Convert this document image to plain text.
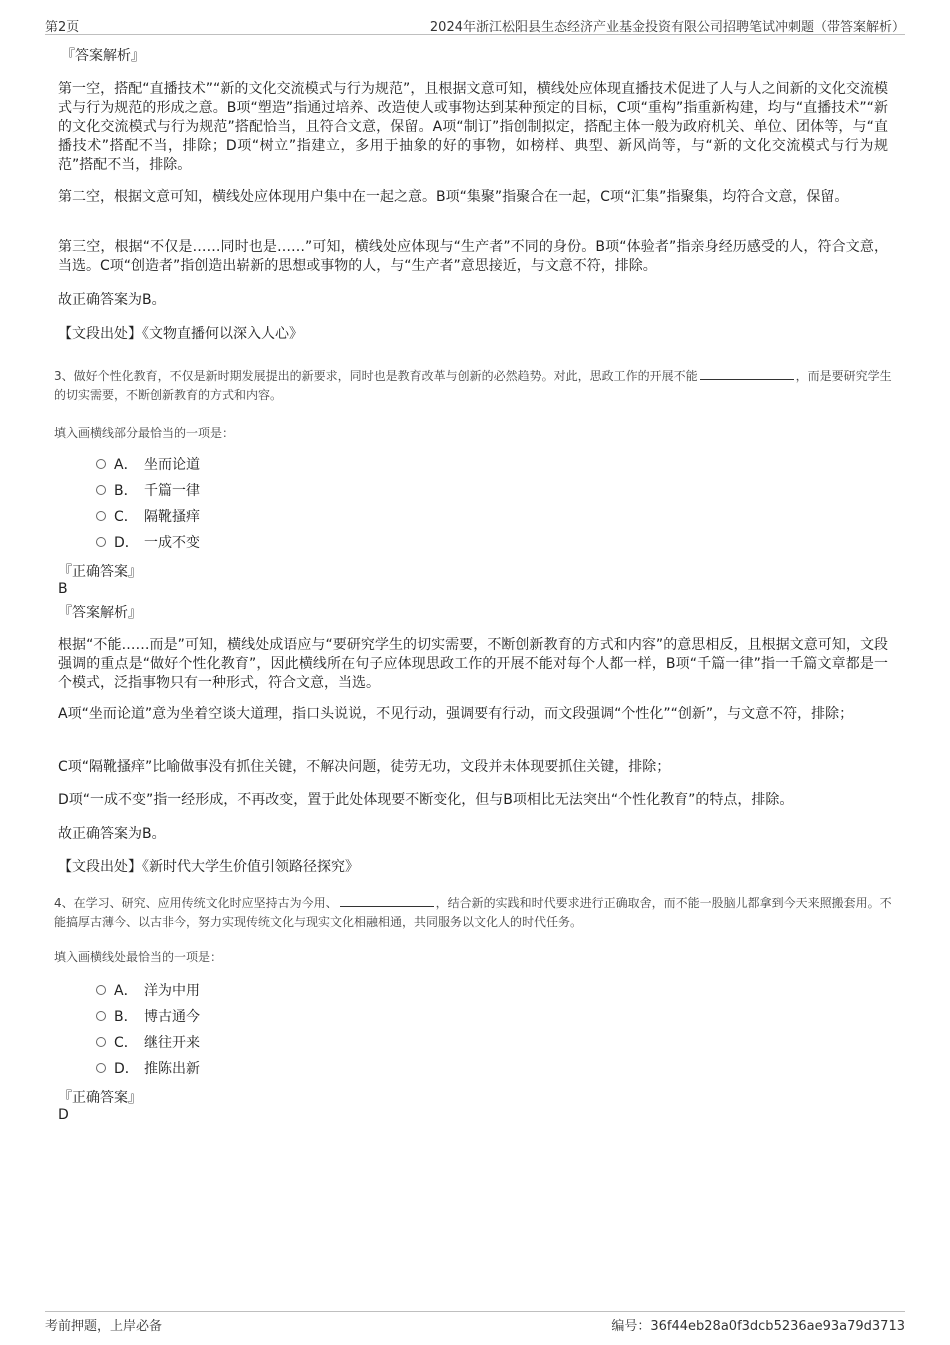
第2页	2024年浙江松阳县生态经济产业基金投资有限公司招聘笔试冲刺题（带答案解析）
『答案解析』

第一空，搭配“直播技术”“新的文化交流模式与行为规范”，且根据文意可知，横线处应体现直播技术促进了人与人之间新的文化交流模式与行为规范的形成之意。B项“塑造”指通过培养、改造使人或事物达到某种预定的目标，C项“重构”指重新构建，均与“直播技术”“新的文化交流模式与行为规范”搭配恰当，且符合文意，保留。A项“制订”指创制拟定，搭配主体一般为政府机关、单位、团体等，与“直播技术”搭配不当，排除；D项“树立”指建立，多用于抽象的好的事物，如榜样、典型、新风尚等，与“新的文化交流模式与行为规范”搭配不当，排除。

第二空，根据文意可知，横线处应体现用户集中在一起之意。B项“集聚”指聚合在一起，C项“汇集”指聚集，均符合文意，保留。

第三空，根据“不仅是……同时也是……”可知，横线处应体现与“生产者”不同的身份。B项“体验者”指亲身经历感受的人，符合文意，当选。C项“创造者”指创造出崭新的思想或事物的人，与“生产者”意思接近，与文意不符，排除。

故正确答案为B。

【文段出处】《文物直播何以深入人心》
3、做好个性化教育，不仅是新时期发展提出的新要求，同时也是教育改革与创新的必然趋势。对此，思政工作的开展不能	，而是要研究学生的切实需要，不断创新教育的方式和内容。
填入画横线部分最恰当的一项是：
A． 坐而论道
B． 千篇一律
C． 隔靴搔痒
D． 一成不变
『正确答案』
B
『答案解析』

根据“不能……而是”可知，横线处成语应与“要研究学生的切实需要，不断创新教育的方式和内容”的意思相反，且根据文意可知，文段强调的重点是“做好个性化教育”，因此横线所在句子应体现思政工作的开展不能对每个人都一样，B项“千篇一律”指一千篇文章都是一个模式，泛指事物只有一种形式，符合文意，当选。

A项“坐而论道”意为坐着空谈大道理，指口头说说，不见行动，强调要有行动，而文段强调“个性化”“创新”，与文意不符，排除；

C项“隔靴搔痒”比喻做事没有抓住关键，不解决问题，徒劳无功，文段并未体现要抓住关键，排除；

D项“一成不变”指一经形成，不再改变，置于此处体现要不断变化，但与B项相比无法突出“个性化教育”的特点，排除。

故正确答案为B。

【文段出处】《新时代大学生价值引领路径探究》
4、在学习、研究、应用传统文化时应坚持古为今用、	，结合新的实践和时代要求进行正确取舍，而不能一股脑儿都拿到今天来照搬套用。不能搞厚古薄今、以古非今，努力实现传统文化与现实文化相融相通，共同服务以文化人的时代任务。
填入画横线处最恰当的一项是：
A． 洋为中用
B． 博古通今
C． 继往开来
D． 推陈出新
『正确答案』
D
考前押题，上岸必备	编号：36f44eb28a0f3dcb5236ae93a79d3713
